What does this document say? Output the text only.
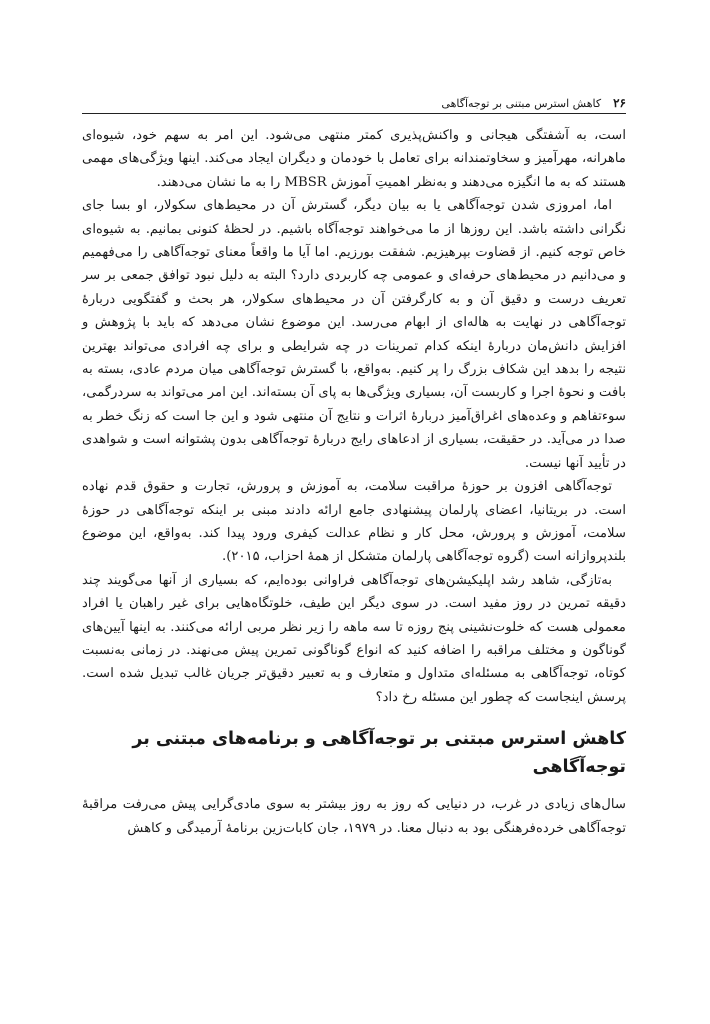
۲۶
کاهش استرس مبتنی بر توجه‌آگاهی

است، به آشفتگی هیجانی و واکنش‌پذیری کمتر منتهی می‌شود. این امر به سهم خود، شیوه‌ای ماهرانه، مهرآمیز و سخاوتمندانه برای تعامل با خودمان و دیگران ایجاد می‌کند. اینها ویژگی‌های مهمی هستند که به ما انگیزه می‌دهند و به‌نظر اهمیتِ آموزش MBSR را به ما نشان می‌دهند.

اما، امروزی شدن توجه‌آگاهی یا به بیان دیگر، گسترش آن در محیط‌های سکولار، او بسا جای نگرانی داشته باشد. این روزها از ما می‌خواهند توجه‌آگاه باشیم. در لحظهٔ کنونی بمانیم. به شیوه‌ای خاص توجه کنیم. از قضاوت بپرهیزیم. شفقت بورزیم. اما آیا ما واقعاً معنای توجه‌آگاهی را می‌فهمیم و می‌دانیم در محیط‌های حرفه‌ای و عمومی چه کاربردی دارد؟ البته به دلیل نبود توافق جمعی بر سر تعریف درست و دقیق آن و به کارگرفتن آن در محیط‌های سکولار، هر بحث و گفتگویی دربارهٔ توجه‌آگاهی در نهایت به هاله‌ای از ابهام می‌رسد. این موضوع نشان می‌دهد که باید با پژوهش و افزایش دانش‌مان دربارهٔ اینکه کدام تمرینات در چه شرایطی و برای چه افرادی می‌تواند بهترین نتیجه را بدهد این شکاف بزرگ را پر کنیم. به‌واقع، با گسترش توجه‌آگاهی میان مردم عادی، بسته به بافت و نحوهٔ اجرا و کاربست آن، بسیاری ویژگی‌ها به پای آن بسته‌اند. این امر می‌تواند به سردرگمی، سوءتفاهم و وعده‌های اغراق‌آمیز دربارهٔ اثرات و نتایج آن منتهی شود و این جا است که زنگ خطر به صدا در می‌آید. در حقیقت، بسیاری از ادعاهای رایج دربارهٔ توجه‌آگاهی بدون پشتوانه است و شواهدی در تأیید آنها نیست.

توجه‌آگاهی افزون بر حوزهٔ مراقبت سلامت، به آموزش و پرورش، تجارت و حقوق قدم نهاده است. در بریتانیا، اعضای پارلمان پیشنهادی جامع ارائه دادند مبنی بر اینکه توجه‌آگاهی در حوزهٔ سلامت، آموزش و پرورش، محل کار و نظام عدالت کیفری ورود پیدا کند. به‌واقع، این موضوع بلندپروازانه است (گروه توجه‌آگاهی پارلمان متشکل از همهٔ احزاب، ۲۰۱۵).

به‌تازگی، شاهد رشد اپلیکیشن‌های توجه‌آگاهی فراوانی بوده‌ایم، که بسیاری از آنها می‌گویند چند دقیقه تمرین در روز مفید است. در سوی دیگر این طیف، خلوتگاه‌هایی برای غیر راهبان یا افراد معمولی هست که خلوت‌نشینی پنج روزه تا سه ماهه را زیر نظر مربی ارائه می‌کنند. به اینها آیین‌های گوناگون و مختلف مراقبه را اضافه کنید که انواع گوناگونی تمرین پیش می‌نهند. در زمانی به‌نسبت کوتاه، توجه‌آگاهی به مسئله‌ای متداول و متعارف و به تعبیر دقیق‌تر جریان غالب تبدیل شده است. پرسش اینجاست که چطور این مسئله رخ داد؟

کاهش استرس مبتنی بر توجه‌آگاهی و برنامه‌های مبتنی بر توجه‌آگاهی

سال‌های زیادی در غرب، در دنیایی که روز به روز بیشتر به سوی مادی‌گرایی پیش می‌رفت مراقبهٔ توجه‌آگاهی خرده‌فرهنگی بود به دنبال معنا. در ۱۹۷۹، جان کابات‌زین برنامهٔ آرمیدگی و کاهش
